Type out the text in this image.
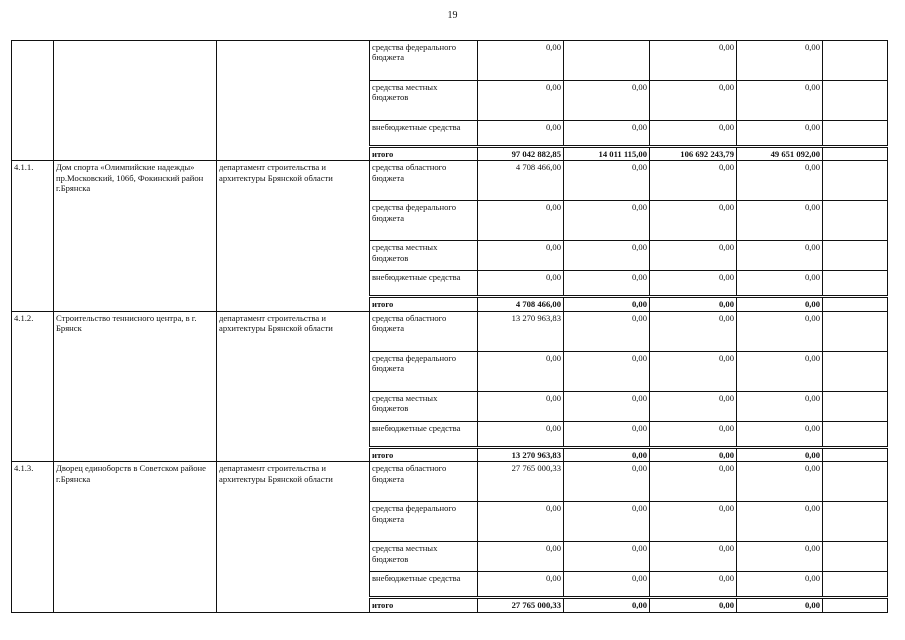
19
			средства федерального бюджета	0,00		0,00	0,00	
			средства местных бюджетов	0,00	0,00	0,00	0,00	
			внебюджетные средства	0,00	0,00	0,00	0,00	
			итого	97 042 882,85	14 011 115,00	106 692 243,79	49 651 092,00	
4.1.1.	Дом спорта «Олимпийские надежды» пр.Московский, 106б, Фокинский район г.Брянска	департамент строительства и архитектуры Брянской области	средства областного бюджета	4 708 466,00	0,00	0,00	0,00	
			средства федерального бюджета	0,00	0,00	0,00	0,00	
			средства местных бюджетов	0,00	0,00	0,00	0,00	
			внебюджетные средства	0,00	0,00	0,00	0,00	
			итого	4 708 466,00	0,00	0,00	0,00	
4.1.2.	Строительство теннисного центра, в г. Брянск	департамент строительства и архитектуры Брянской области	средства областного бюджета	13 270 963,83	0,00	0,00	0,00	
			средства федерального бюджета	0,00	0,00	0,00	0,00	
			средства местных бюджетов	0,00	0,00	0,00	0,00	
			внебюджетные средства	0,00	0,00	0,00	0,00	
			итого	13 270 963,83	0,00	0,00	0,00	
4.1.3.	Дворец единоборств в Советском районе г.Брянска	департамент строительства и архитектуры Брянской области	средства областного бюджета	27 765 000,33	0,00	0,00	0,00	
			средства федерального бюджета	0,00	0,00	0,00	0,00	
			средства местных бюджетов	0,00	0,00	0,00	0,00	
			внебюджетные средства	0,00	0,00	0,00	0,00	
			итого	27 765 000,33	0,00	0,00	0,00	
